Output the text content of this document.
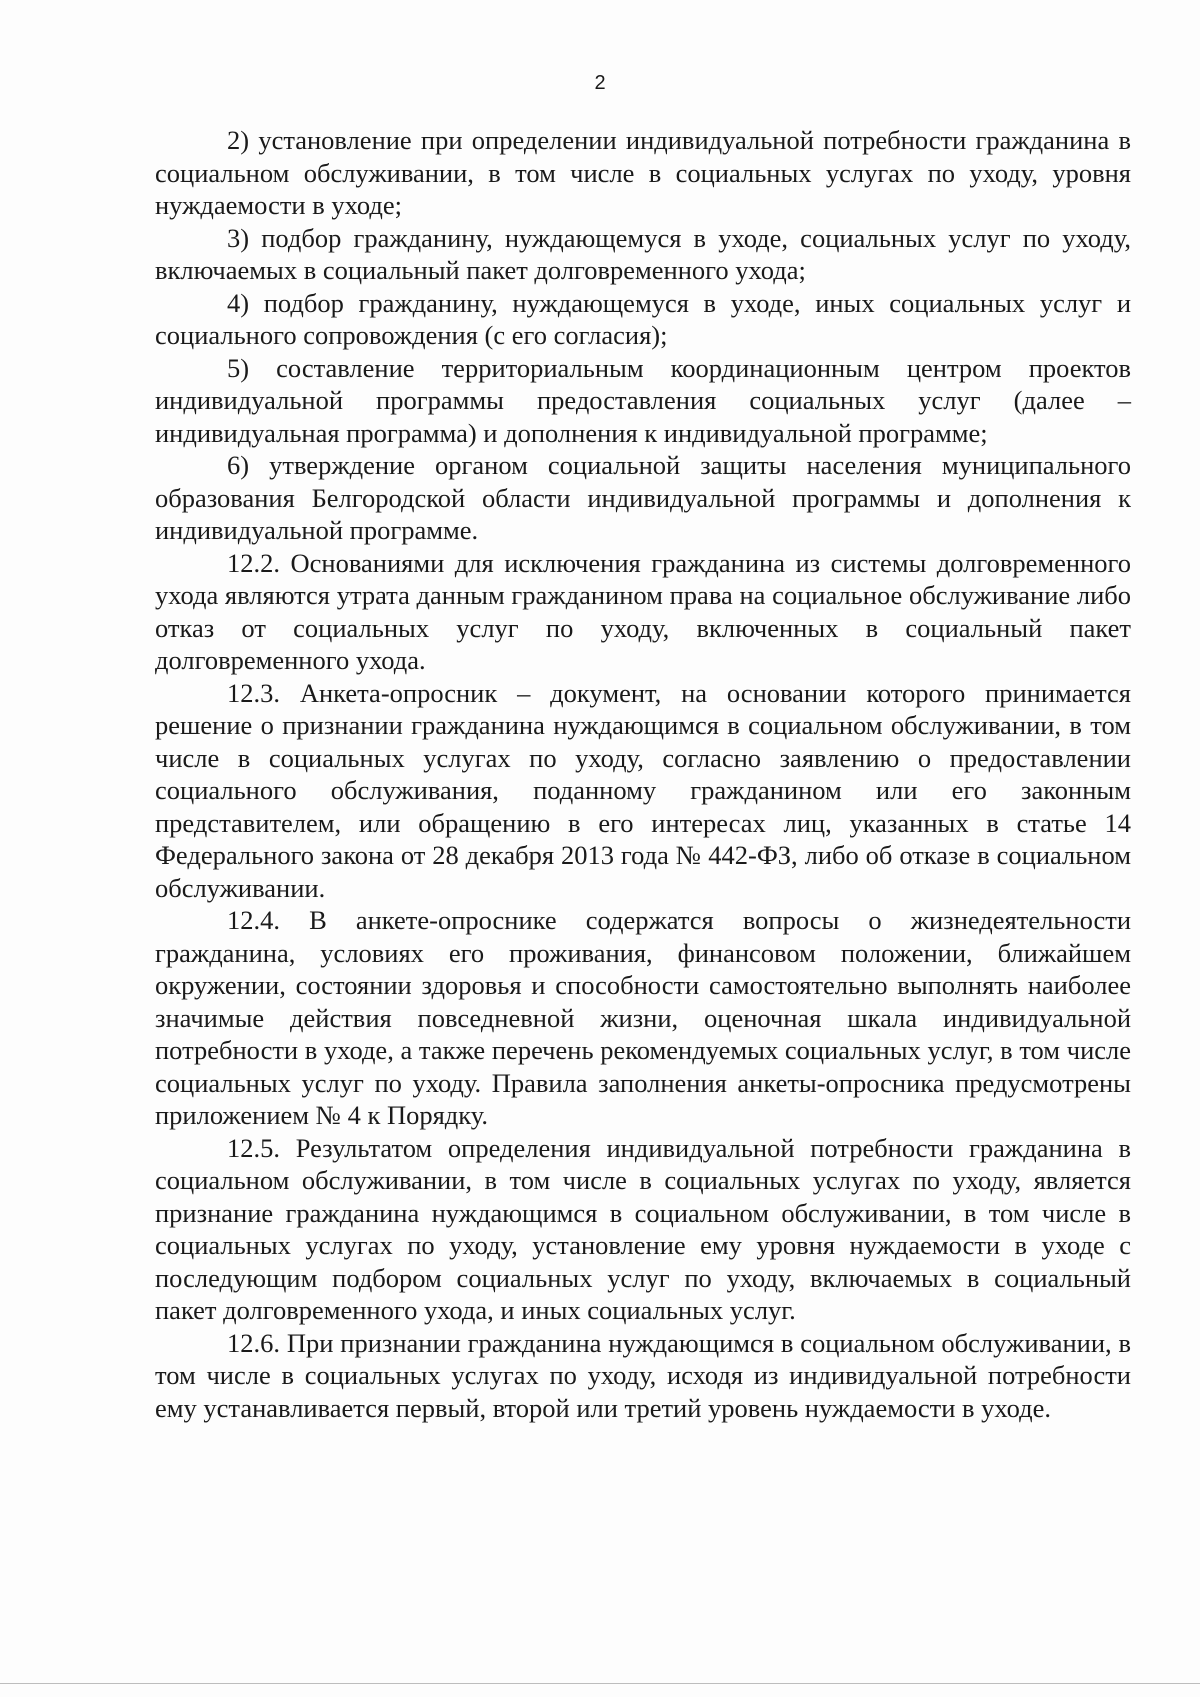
2

2) установление при определении индивидуальной потребности гражданина в социальном обслуживании, в том числе в социальных услугах по уходу, уровня нуждаемости в уходе;

3) подбор гражданину, нуждающемуся в уходе, социальных услуг по уходу, включаемых в социальный пакет долговременного ухода;

4) подбор гражданину, нуждающемуся в уходе, иных социальных услуг и социального сопровождения (с его согласия);

5) составление территориальным координационным центром проектов индивидуальной программы предоставления социальных услуг (далее – индивидуальная программа) и дополнения к индивидуальной программе;

6) утверждение органом социальной защиты населения муниципального образования Белгородской области индивидуальной программы и дополнения к индивидуальной программе.

12.2. Основаниями для исключения гражданина из системы долговременного ухода являются утрата данным гражданином права на социальное обслуживание либо отказ от социальных услуг по уходу, включенных в социальный пакет долговременного ухода.

12.3. Анкета-опросник – документ, на основании которого принимается решение о признании гражданина нуждающимся в социальном обслуживании, в том числе в социальных услугах по уходу, согласно заявлению о предоставлении социального обслуживания, поданному гражданином или его законным представителем, или обращению в его интересах лиц, указанных в статье 14 Федерального закона от 28 декабря 2013 года № 442-ФЗ, либо об отказе в социальном обслуживании.

12.4. В анкете-опроснике содержатся вопросы о жизнедеятельности гражданина, условиях его проживания, финансовом положении, ближайшем окружении, состоянии здоровья и способности самостоятельно выполнять наиболее значимые действия повседневной жизни, оценочная шкала индивидуальной потребности в уходе, а также перечень рекомендуемых социальных услуг, в том числе социальных услуг по уходу. Правила заполнения анкеты-опросника предусмотрены приложением № 4 к Порядку.

12.5. Результатом определения индивидуальной потребности гражданина в социальном обслуживании, в том числе в социальных услугах по уходу, является признание гражданина нуждающимся в социальном обслуживании, в том числе в социальных услугах по уходу, установление ему уровня нуждаемости в уходе с последующим подбором социальных услуг по уходу, включаемых в социальный пакет долговременного ухода, и иных социальных услуг.

12.6. При признании гражданина нуждающимся в социальном обслуживании, в том числе в социальных услугах по уходу, исходя из индивидуальной потребности ему устанавливается первый, второй или третий уровень нуждаемости в уходе.
